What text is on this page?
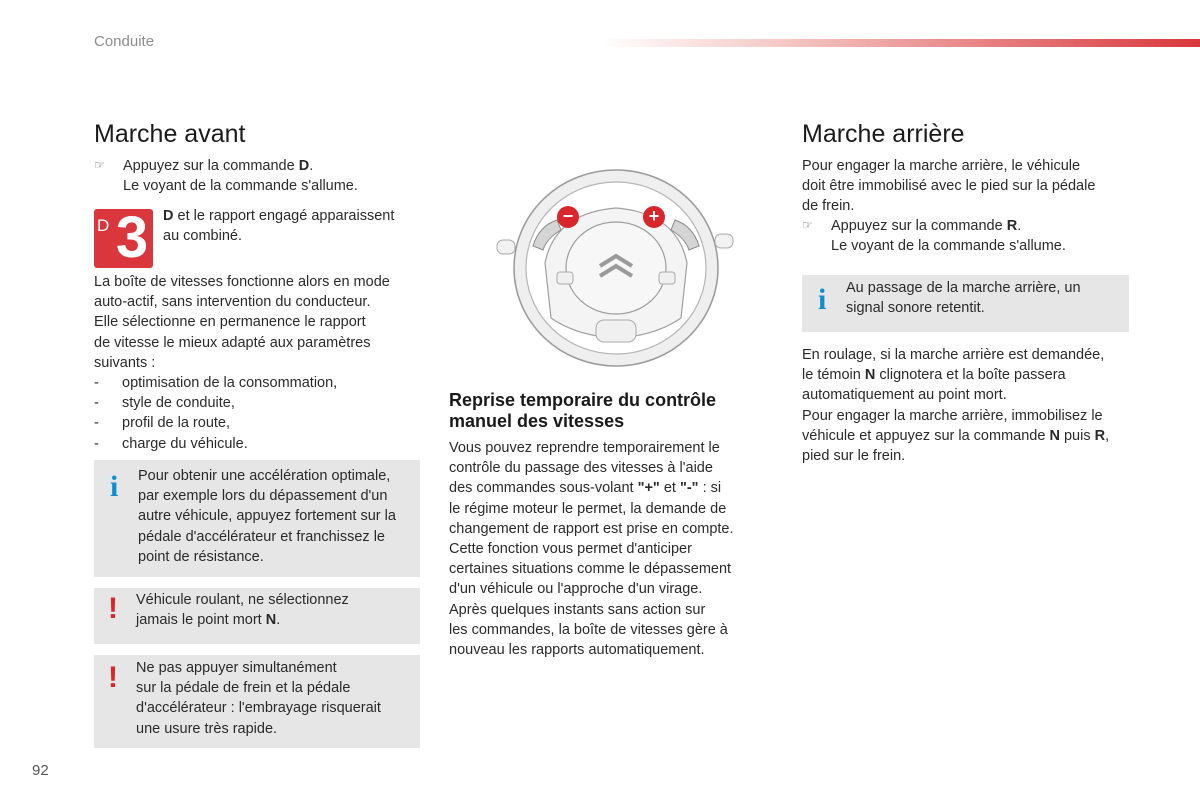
Conduite
Marche avant
☞ Appuyez sur la commande D.
Le voyant de la commande s'allume.
D 3 D et le rapport engagé apparaissent
au combiné.
La boîte de vitesses fonctionne alors en mode
auto-actif, sans intervention du conducteur.
Elle sélectionne en permanence le rapport
de vitesse le mieux adapté aux paramètres
suivants :
- optimisation de la consommation,
- style de conduite,
- profil de la route,
- charge du véhicule.
i Pour obtenir une accélération optimale,
par exemple lors du dépassement d'un
autre véhicule, appuyez fortement sur la
pédale d'accélérateur et franchissez le
point de résistance.
! Véhicule roulant, ne sélectionnez
jamais le point mort N.
! Ne pas appuyer simultanément
sur la pédale de frein et la pédale
d'accélérateur : l'embrayage risquerait
une usure très rapide.
−	+
Reprise temporaire du contrôle
manuel des vitesses
Vous pouvez reprendre temporairement le
contrôle du passage des vitesses à l'aide
des commandes sous-volant "+" et "-" : si
le régime moteur le permet, la demande de
changement de rapport est prise en compte.
Cette fonction vous permet d'anticiper
certaines situations comme le dépassement
d'un véhicule ou l'approche d'un virage.
Après quelques instants sans action sur
les commandes, la boîte de vitesses gère à
nouveau les rapports automatiquement.
Marche arrière
Pour engager la marche arrière, le véhicule
doit être immobilisé avec le pied sur la pédale
de frein.
☞ Appuyez sur la commande R.
Le voyant de la commande s'allume.
i Au passage de la marche arrière, un
signal sonore retentit.
En roulage, si la marche arrière est demandée,
le témoin N clignotera et la boîte passera
automatiquement au point mort.
Pour engager la marche arrière, immobilisez le
véhicule et appuyez sur la commande N puis R,
pied sur le frein.
92
